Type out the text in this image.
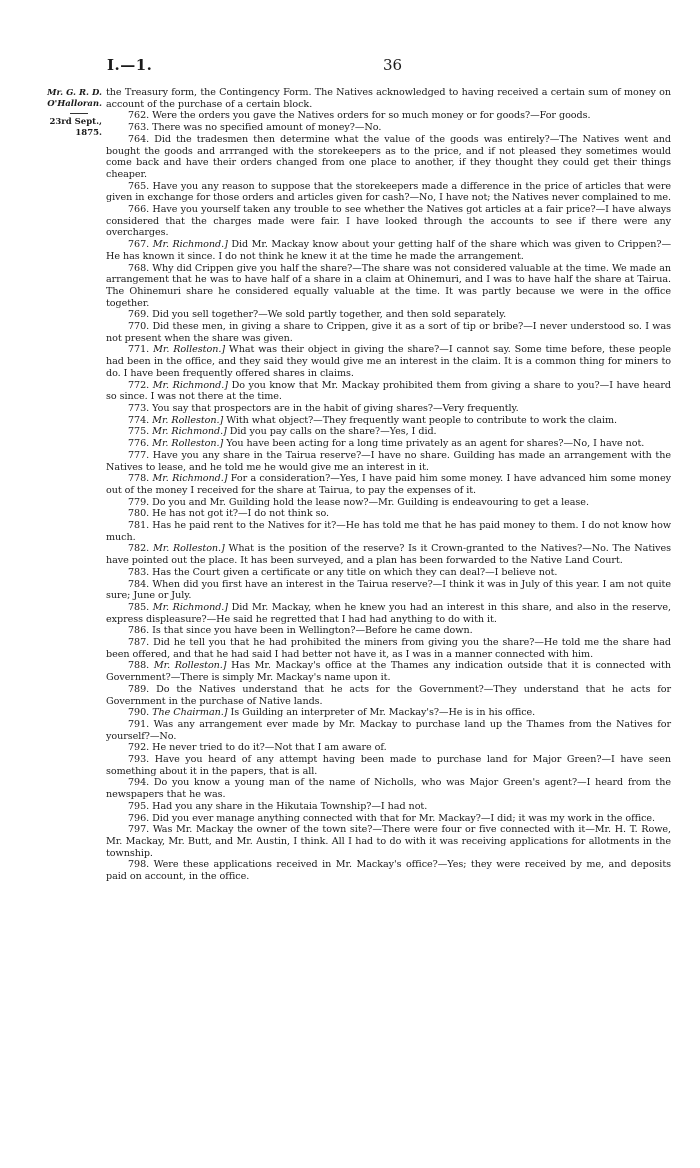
I.—1.	36
Mr. G. R. D.
O'Halloran.
23rd Sept., 1875.

the Treasury form, the Contingency Form. The Natives acknowledged to having received a certain sum of money on account of the purchase of a certain block.

762. Were the orders you gave the Natives orders for so much money or for goods?—For goods.

763. There was no specified amount of money?—No.

764. Did the tradesmen then determine what the value of the goods was entirely?—The Natives went and bought the goods and arrranged with the storekeepers as to the price, and if not pleased they sometimes would come back and have their orders changed from one place to another, if they thought they could get their things cheaper.

765. Have you any reason to suppose that the storekeepers made a difference in the price of articles that were given in exchange for those orders and articles given for cash?—No, I have not; the Natives never complained to me.

766. Have you yourself taken any trouble to see whether the Natives got articles at a fair price?—I have always considered that the charges made were fair. I have looked through the accounts to see if there were any overcharges.

767. Mr. Richmond.] Did Mr. Mackay know about your getting half of the share which was given to Crippen?—He has known it since. I do not think he knew it at the time he made the arrangement.

768. Why did Crippen give you half the share?—The share was not considered valuable at the time. We made an arrangement that he was to have half of a share in a claim at Ohinemuri, and I was to have half the share at Tairua. The Ohinemuri share he considered equally valuable at the time. It was partly because we were in the office together.

769. Did you sell together?—We sold partly together, and then sold separately.

770. Did these men, in giving a share to Crippen, give it as a sort of tip or bribe?—I never understood so. I was not present when the share was given.

771. Mr. Rolleston.] What was their object in giving the share?—I cannot say. Some time before, these people had been in the office, and they said they would give me an interest in the claim. It is a common thing for miners to do. I have been frequently offered shares in claims.

772. Mr. Richmond.] Do you know that Mr. Mackay prohibited them from giving a share to you?—I have heard so since. I was not there at the time.

773. You say that prospectors are in the habit of giving shares?—Very frequently.

774. Mr. Rolleston.] With what object?—They frequently want people to contribute to work the claim.

775. Mr. Richmond.] Did you pay calls on the share?—Yes, I did.

776. Mr. Rolleston.] You have been acting for a long time privately as an agent for shares?—No, I have not.

777. Have you any share in the Tairua reserve?—I have no share. Guilding has made an arrangement with the Natives to lease, and he told me he would give me an interest in it.

778. Mr. Richmond.] For a consideration?—Yes, I have paid him some money. I have advanced him some money out of the money I received for the share at Tairua, to pay the expenses of it.

779. Do you and Mr. Guilding hold the lease now?—Mr. Guilding is endeavouring to get a lease.

780. He has not got it?—I do not think so.

781. Has he paid rent to the Natives for it?—He has told me that he has paid money to them. I do not know how much.

782. Mr. Rolleston.] What is the position of the reserve? Is it Crown-granted to the Natives?—No. The Natives have pointed out the place. It has been surveyed, and a plan has been forwarded to the Native Land Court.

783. Has the Court given a certificate or any title on which they can deal?—I believe not.

784. When did you first have an interest in the Tairua reserve?—I think it was in July of this year. I am not quite sure; June or July.

785. Mr. Richmond.] Did Mr. Mackay, when he knew you had an interest in this share, and also in the reserve, express displeasure?—He said he regretted that I had had anything to do with it.

786. Is that since you have been in Wellington?—Before he came down.

787. Did he tell you that he had prohibited the miners from giving you the share?—He told me the share had been offered, and that he had said I had better not have it, as I was in a manner connected with him.

788. Mr. Rolleston.] Has Mr. Mackay's office at the Thames any indication outside that it is connected with Government?—There is simply Mr. Mackay's name upon it.

789. Do the Natives understand that he acts for the Government?—They understand that he acts for Government in the purchase of Native lands.

790. The Chairman.] Is Guilding an interpreter of Mr. Mackay's?—He is in his office.

791. Was any arrangement ever made by Mr. Mackay to purchase land up the Thames from the Natives for yourself?—No.

792. He never tried to do it?—Not that I am aware of.

793. Have you heard of any attempt having been made to purchase land for Major Green?—I have seen something about it in the papers, that is all.

794. Do you know a young man of the name of Nicholls, who was Major Green's agent?—I heard from the newspapers that he was.

795. Had you any share in the Hikutaia Township?—I had not.

796. Did you ever manage anything connected with that for Mr. Mackay?—I did; it was my work in the office.

797. Was Mr. Mackay the owner of the town site?—There were four or five connected with it—Mr. H. T. Rowe, Mr. Mackay, Mr. Butt, and Mr. Austin, I think. All I had to do with it was receiving applications for allotments in the township.

798. Were these applications received in Mr. Mackay's office?—Yes; they were received by me, and deposits paid on account, in the office.
